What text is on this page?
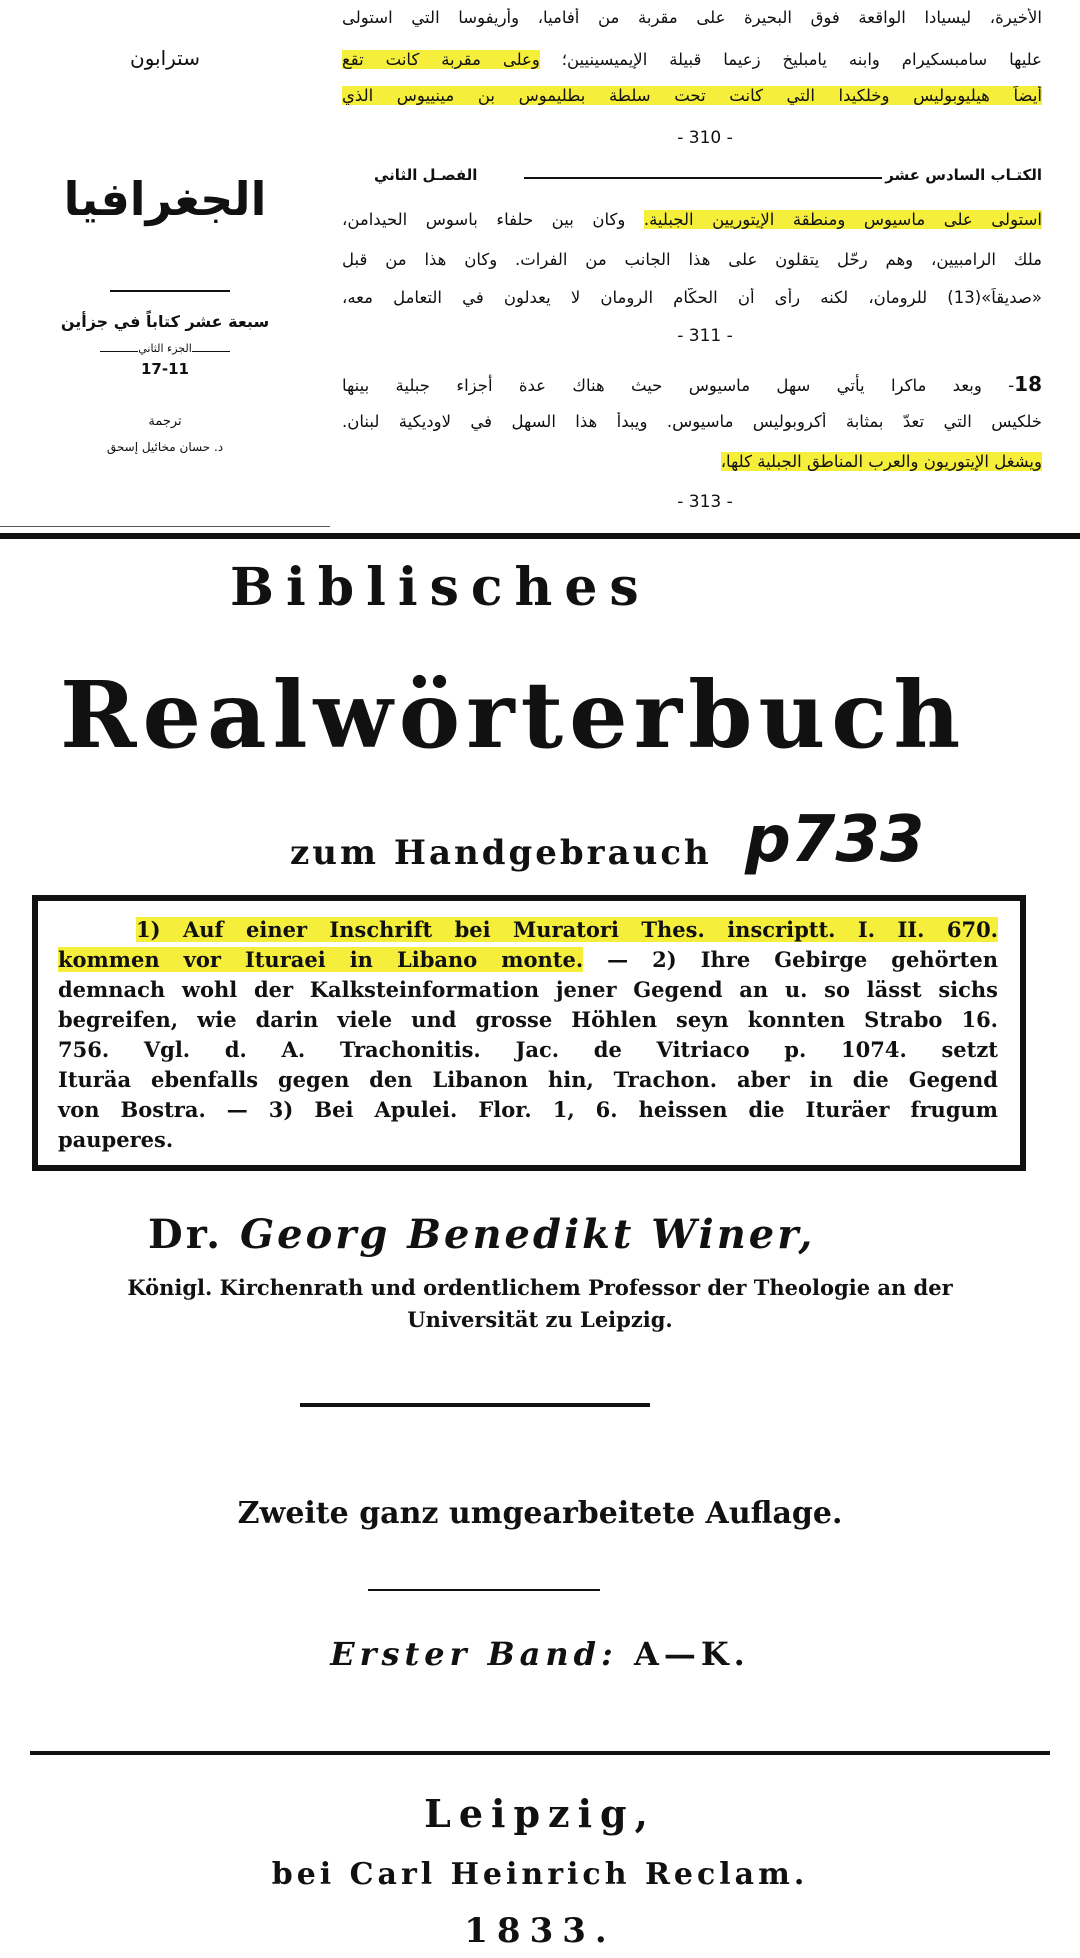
سترابون
الجغرافيا
سبعة عشر كتاباً في جزأين
الجزء الثاني
17-11
ترجمة
د. حسان مخائيل إسحق
الأخيرة، ليسيادا الواقعة فوق البحيرة على مقربة من أفاميا، وأريفوسا التي استولى
عليها سامبسكيرام وابنه يامبليخ زعيما قبيلة الإيميسينيين؛ وعلى مقربة كانت تقع
أيضاً هيليوبوليس وخلكيدا التي كانت تحت سلطة بطليموس بن مينييوس الذي
- 310 -
الكتـاب السادس عشر
الفصـل الثاني
استولى على ماسيوس ومنطقة الإيتوريين الجبلية. وكان بين حلفاء باسوس الحيدامن،
ملك الرامبيين، وهم رحّل يتقلون على هذا الجانب من الفرات. وكان هذا من قبل
«صديقاً»(13) للرومان، لكنه رأى أن الحكّام الرومان لا يعدلون في التعامل معه،
- 311 -
18- وبعد ماكرا يأتي سهل ماسيوس حيث هناك عدة أجزاء جبلية بينها
خلكيس التي تعدّ بمثابة أكروبوليس ماسيوس. ويبدأ هذا السهل في لاوديكية لبنان.
ويشغل الإيتوريون والعرب المناطق الجبلية كلها،
- 313 -
Biblisches
Realwörterbuch
zum Handgebrauch p733
1) Auf einer Inschrift bei Muratori Thes. inscriptt. I. II. 670.
kommen vor Ituraei in Libano monte. — 2) Ihre Gebirge gehörten
demnach wohl der Kalksteinformation jener Gegend an u. so lässt sichs
begreifen, wie darin viele und grosse Höhlen seyn konnten Strabo 16.
756. Vgl. d. A. Trachonitis. Jac. de Vitriaco p. 1074. setzt
Ituräa ebenfalls gegen den Libanon hin, Trachon. aber in die Gegend
von Bostra. — 3) Bei Apulei. Flor. 1, 6. heissen die Ituräer frugum
pauperes.
Dr. Georg Benedikt Winer,
Königl. Kirchenrath und ordentlichem Professor der Theologie an der
Universität zu Leipzig.
Zweite ganz umgearbeitete Auflage.
Erster Band: A—K.
Leipzig,
bei Carl Heinrich Reclam.
1833.
